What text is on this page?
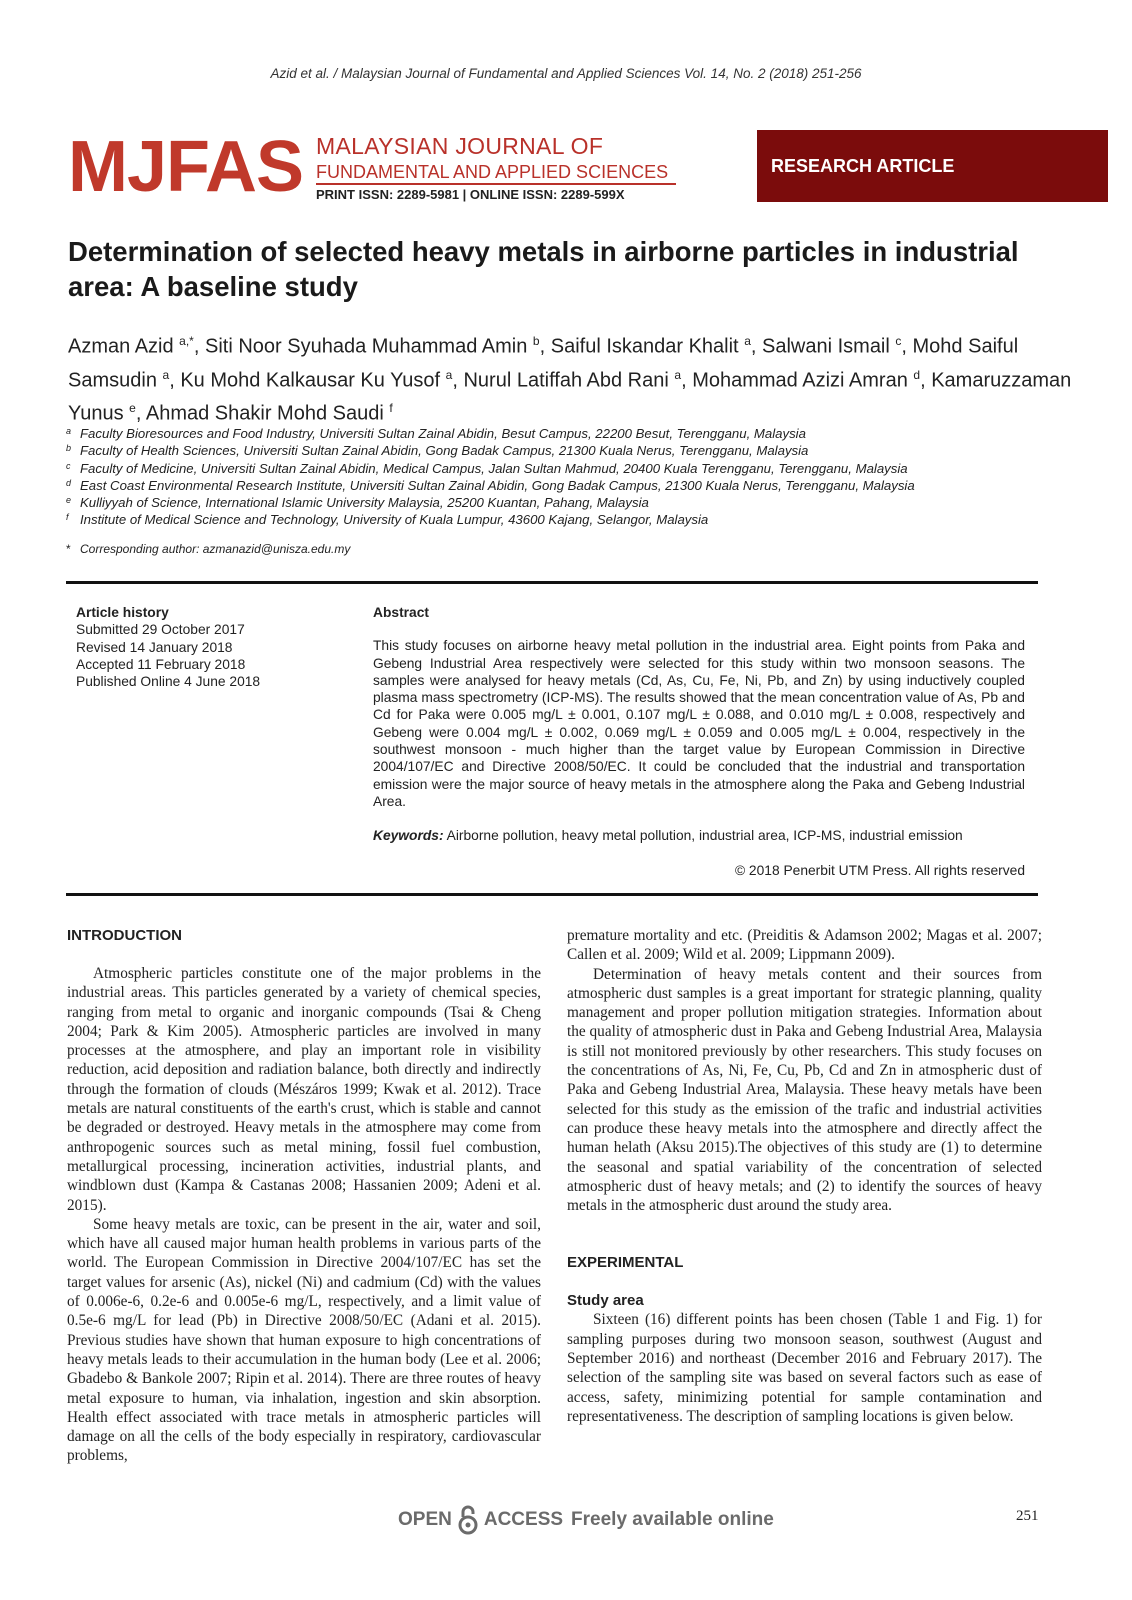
Azid et al. / Malaysian Journal of Fundamental and Applied Sciences Vol. 14, No. 2 (2018) 251-256
MJFAS MALAYSIAN JOURNAL OF
FUNDAMENTAL AND APPLIED SCIENCES
PRINT ISSN: 2289-5981 | ONLINE ISSN: 2289-599X
RESEARCH ARTICLE
Determination of selected heavy metals in airborne particles in industrial area: A baseline study
Azman Azid $^{a,*}$, Siti Noor Syuhada Muhammad Amin $^b$, Saiful Iskandar Khalit $^a$, Salwani Ismail $^c$, Mohd Saiful Samsudin $^a$, Ku Mohd Kalkausar Ku Yusof $^a$, Nurul Latiffah Abd Rani $^a$, Mohammad Azizi Amran $^d$, Kamaruzzaman Yunus $^e$, Ahmad Shakir Mohd Saudi $^f$
a Faculty Bioresources and Food Industry, Universiti Sultan Zainal Abidin, Besut Campus, 22200 Besut, Terengganu, Malaysia
b Faculty of Health Sciences, Universiti Sultan Zainal Abidin, Gong Badak Campus, 21300 Kuala Nerus, Terengganu, Malaysia
c Faculty of Medicine, Universiti Sultan Zainal Abidin, Medical Campus, Jalan Sultan Mahmud, 20400 Kuala Terengganu, Terengganu, Malaysia
d East Coast Environmental Research Institute, Universiti Sultan Zainal Abidin, Gong Badak Campus, 21300 Kuala Nerus, Terengganu, Malaysia
e Kulliyyah of Science, International Islamic University Malaysia, 25200 Kuantan, Pahang, Malaysia
f Institute of Medical Science and Technology, University of Kuala Lumpur, 43600 Kajang, Selangor, Malaysia
* Corresponding author: azmanazid@unisza.edu.my
Article history
Submitted 29 October 2017
Revised 14 January 2018
Accepted 11 February 2018
Published Online 4 June 2018
Abstract
This study focuses on airborne heavy metal pollution in the industrial area. Eight points from Paka and Gebeng Industrial Area respectively were selected for this study within two monsoon seasons. The samples were analysed for heavy metals (Cd, As, Cu, Fe, Ni, Pb, and Zn) by using inductively coupled plasma mass spectrometry (ICP-MS). The results showed that the mean concentration value of As, Pb and Cd for Paka were 0.005 mg/L ± 0.001, 0.107 mg/L ± 0.088, and 0.010 mg/L ± 0.008, respectively and Gebeng were 0.004 mg/L ± 0.002, 0.069 mg/L ± 0.059 and 0.005 mg/L ± 0.004, respectively in the southwest monsoon - much higher than the target value by European Commission in Directive 2004/107/EC and Directive 2008/50/EC. It could be concluded that the industrial and transportation emission were the major source of heavy metals in the atmosphere along the Paka and Gebeng Industrial Area.
Keywords: Airborne pollution, heavy metal pollution, industrial area, ICP-MS, industrial emission
© 2018 Penerbit UTM Press. All rights reserved
INTRODUCTION

Atmospheric particles constitute one of the major problems in the industrial areas. This particles generated by a variety of chemical species, ranging from metal to organic and inorganic compounds (Tsai & Cheng 2004; Park & Kim 2005). Atmospheric particles are involved in many processes at the atmosphere, and play an important role in visibility reduction, acid deposition and radiation balance, both directly and indirectly through the formation of clouds (Mészáros 1999; Kwak et al. 2012). Trace metals are natural constituents of the earth's crust, which is stable and cannot be degraded or destroyed. Heavy metals in the atmosphere may come from anthropogenic sources such as metal mining, fossil fuel combustion, metallurgical processing, incineration activities, industrial plants, and windblown dust (Kampa & Castanas 2008; Hassanien 2009; Adeni et al. 2015).

Some heavy metals are toxic, can be present in the air, water and soil, which have all caused major human health problems in various parts of the world. The European Commission in Directive 2004/107/EC has set the target values for arsenic (As), nickel (Ni) and cadmium (Cd) with the values of 0.006e-6, 0.2e-6 and 0.005e-6 mg/L, respectively, and a limit value of 0.5e-6 mg/L for lead (Pb) in Directive 2008/50/EC (Adani et al. 2015). Previous studies have shown that human exposure to high concentrations of heavy metals leads to their accumulation in the human body (Lee et al. 2006; Gbadebo & Bankole 2007; Ripin et al. 2014). There are three routes of heavy metal exposure to human, via inhalation, ingestion and skin absorption. Health effect associated with trace metals in atmospheric particles will damage on all the cells of the body especially in respiratory, cardiovascular problems,

premature mortality and etc. (Preiditis & Adamson 2002; Magas et al. 2007; Callen et al. 2009; Wild et al. 2009; Lippmann 2009).

Determination of heavy metals content and their sources from atmospheric dust samples is a great important for strategic planning, quality management and proper pollution mitigation strategies. Information about the quality of atmospheric dust in Paka and Gebeng Industrial Area, Malaysia is still not monitored previously by other researchers. This study focuses on the concentrations of As, Ni, Fe, Cu, Pb, Cd and Zn in atmospheric dust of Paka and Gebeng Industrial Area, Malaysia. These heavy metals have been selected for this study as the emission of the trafic and industrial activities can produce these heavy metals into the atmosphere and directly affect the human helath (Aksu 2015).The objectives of this study are (1) to determine the seasonal and spatial variability of the concentration of selected atmospheric dust of heavy metals; and (2) to identify the sources of heavy metals in the atmospheric dust around the study area.

EXPERIMENTAL
Study area

Sixteen (16) different points has been chosen (Table 1 and Fig. 1) for sampling purposes during two monsoon season, southwest (August and September 2016) and northeast (December 2016 and February 2017). The selection of the sampling site was based on several factors such as ease of access, safety, minimizing potential for sample contamination and representativeness. The description of sampling locations is given below.

OPEN ACCESS Freely available online	251
